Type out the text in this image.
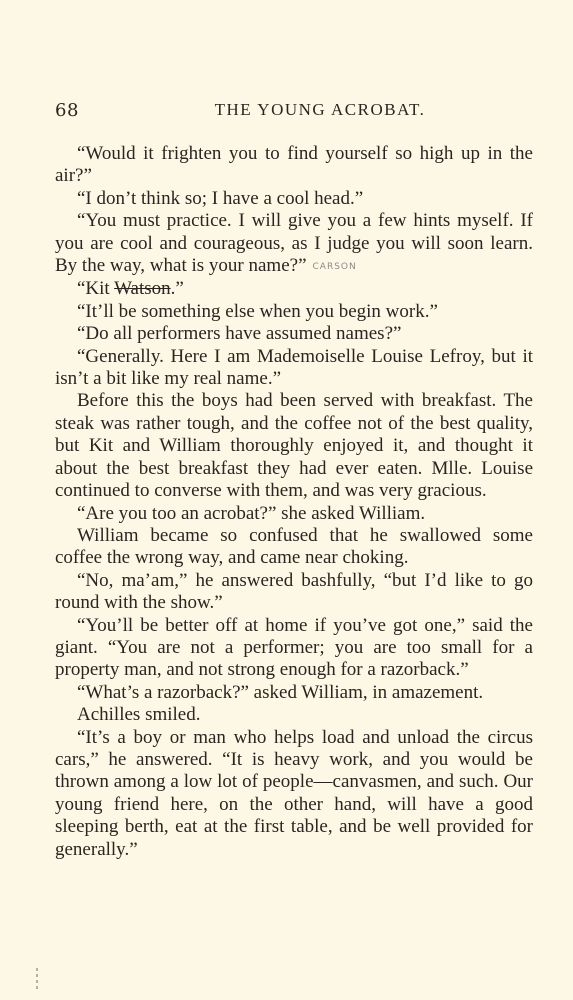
68	THE YOUNG ACROBAT.

“Would it frighten you to find yourself so high up in the air?”

“I don’t think so; I have a cool head.”

“You must practice. I will give you a few hints myself. If you are cool and courageous, as I judge you will soon learn. By the way, what is your name?” CARSON

“Kit Watson.”

“It’ll be something else when you begin work.”

“Do all performers have assumed names?”

“Generally. Here I am Mademoiselle Louise Lefroy, but it isn’t a bit like my real name.”

Before this the boys had been served with breakfast. The steak was rather tough, and the coffee not of the best quality, but Kit and William thoroughly enjoyed it, and thought it about the best breakfast they had ever eaten. Mlle. Louise continued to converse with them, and was very gracious.

“Are you too an acrobat?” she asked William.

William became so confused that he swallowed some coffee the wrong way, and came near choking.

“No, ma’am,” he answered bashfully, “but I’d like to go round with the show.”

“You’ll be better off at home if you’ve got one,” said the giant. “You are not a performer; you are too small for a property man, and not strong enough for a razorback.”

“What’s a razorback?” asked William, in amazement.

Achilles smiled.

“It’s a boy or man who helps load and unload the circus cars,” he answered. “It is heavy work, and you would be thrown among a low lot of people—canvasmen, and such. Our young friend here, on the other hand, will have a good sleeping berth, eat at the first table, and be well provided for generally.”
